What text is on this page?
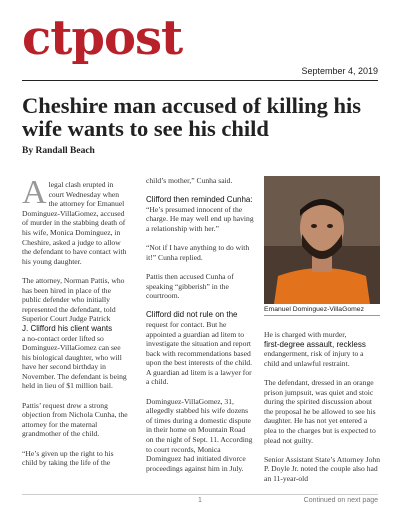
ctpost
September 4, 2019
Cheshire man accused of killing his wife wants to see his child
By Randall Beach

Alegal clash erupted in court Wednesday when the attorney for Emanuel Dominguez-VillaGomez, accused of murder in the stabbing death of his wife, Monica Dominguez, in Cheshire, asked a judge to allow the defendant to have contact with his young daughter.

The attorney, Norman Pattis, who has been hired in place of the public defender who initially represented the defendant, told Superior Court Judge Patrick

J. Clifford his client wants

a no-contact order lifted so Dominguez-VillaGomez can see his biological daughter, who will have her second birthday in November. The defendant is being held in lieu of $1 million bail.

Pattis’ request drew a strong objection from Nichola Cunha, the attorney for the maternal grandmother of the child.

“He’s given up the right to his child by taking the life of the

child’s mother,” Cunha said.

Clifford then reminded Cunha:

“He’s presumed innocent of the charge. He may well end up having a relationship with her.”

“Not if I have anything to do with it!” Cunha replied.

Pattis then accused Cunha of speaking “gibberish” in the courtroom.

Clifford did not rule on the

request for contact. But he appointed a guardian ad litem to investigate the situation and report back with recommendations based upon the best interests of the child. A guardian ad litem is a lawyer for a child.

Dominguez-VillaGomez, 31, allegedly stabbed his wife dozens of times during a domestic dispute in their home on Mountain Road on the night of Sept. 11. According to court records, Monica Dominguez had initiated divorce proceedings against him in July.

Emanuel Dominguez-VillaGomez

He is charged with murder,

first-degree assault, reckless

endangerment, risk of injury to a child and unlawful restraint.

The defendant, dressed in an orange prison jumpsuit, was quiet and stoic during the spirited discussion about the proposal he be allowed to see his daughter. He has not yet entered a plea to the charges but is expected to plead not guilty.

Senior Assistant State’s Attorney John P. Doyle Jr. noted the couple also had an 11-year-old

1	Continued on next page
